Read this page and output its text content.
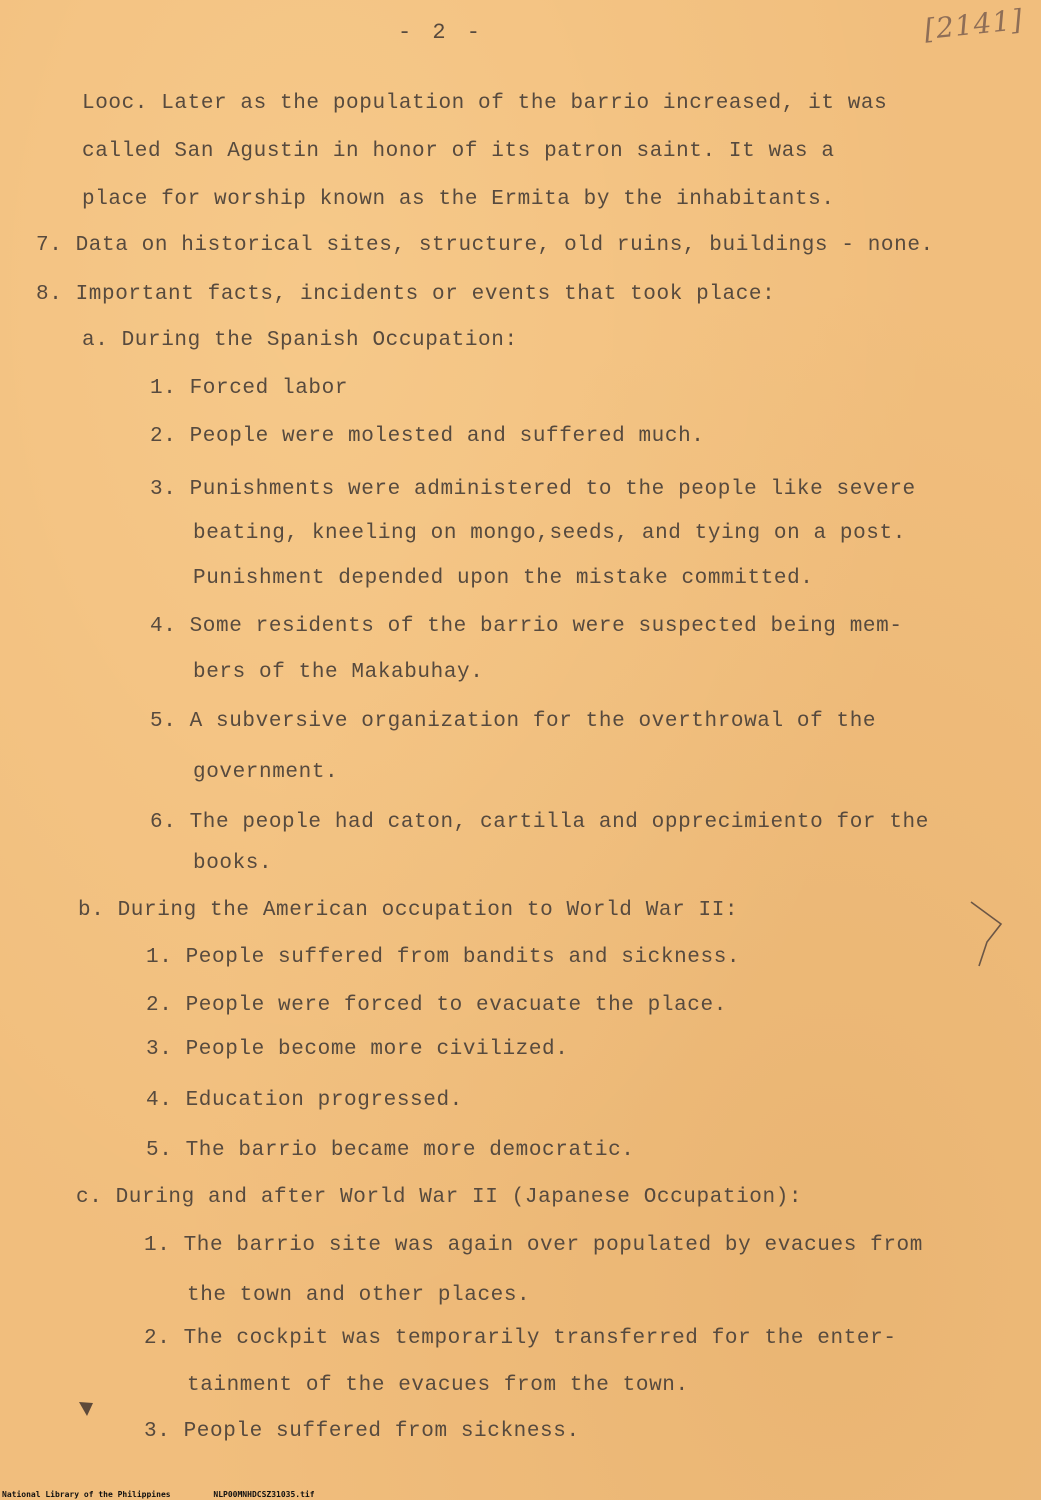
- 2 -	[2141]
Looc. Later as the population of the barrio increased, it was
called San Agustin in honor of its patron saint. It was a
place for worship known as the Ermita by the inhabitants.
7. Data on historical sites, structure, old ruins, buildings - none.
8. Important facts, incidents or events that took place:
a. During the Spanish Occupation:
1. Forced labor
2. People were molested and suffered much.
3. Punishments were administered to the people like severe
beating, kneeling on mongo,seeds, and tying on a post.
Punishment depended upon the mistake committed.
4. Some residents of the barrio were suspected being mem-
bers of the Makabuhay.
5. A subversive organization for the overthrowal of the
government.
6. The people had caton, cartilla and opprecimiento for the
books.
b. During the American occupation to World War II:
1. People suffered from bandits and sickness.
2. People were forced to evacuate the place.
3. People become more civilized.
4. Education progressed.
5. The barrio became more democratic.
c. During and after World War II (Japanese Occupation):
1. The barrio site was again over populated by evacues from
the town and other places.
2. The cockpit was temporarily transferred for the enter-
tainment of the evacues from the town.
3. People suffered from sickness.
National Library of the Philippines	NLP00MNHDCSZ31035.tif
